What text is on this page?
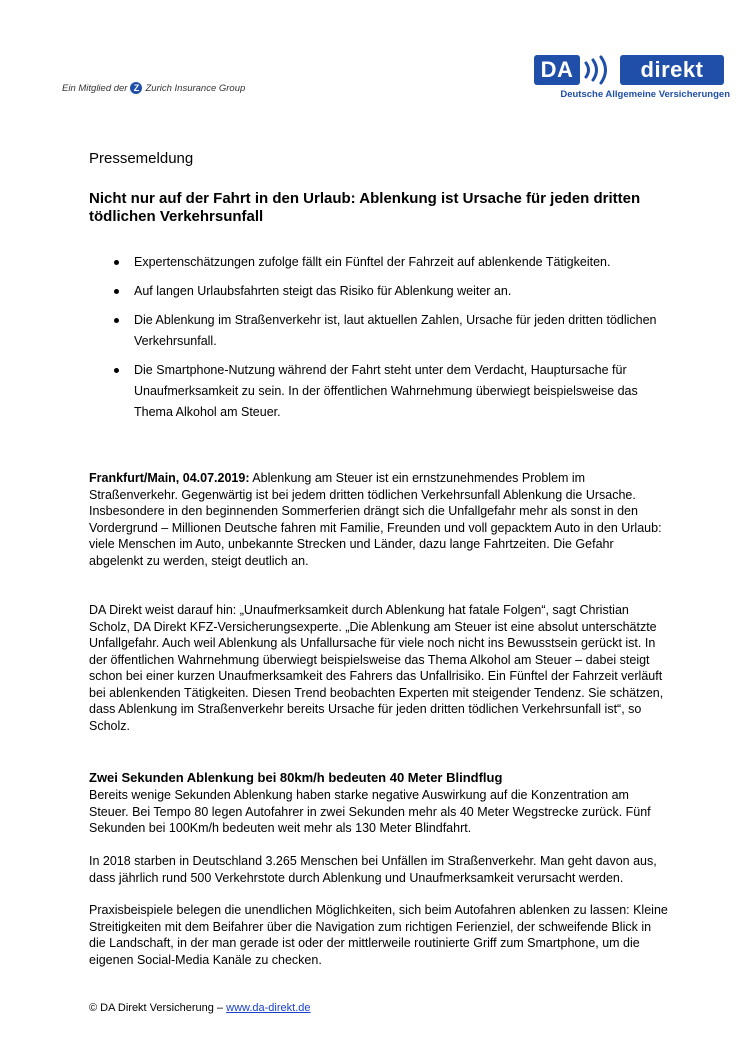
Ein Mitglied der Z Zurich Insurance Group
DA	direkt
Deutsche Allgemeine Versicherungen
Pressemeldung
Nicht nur auf der Fahrt in den Urlaub: Ablenkung ist Ursache für jeden dritten tödlichen Verkehrsunfall
Expertenschätzungen zufolge fällt ein Fünftel der Fahrzeit auf ablenkende Tätigkeiten.
Auf langen Urlaubsfahrten steigt das Risiko für Ablenkung weiter an.
Die Ablenkung im Straßenverkehr ist, laut aktuellen Zahlen, Ursache für jeden dritten tödlichen Verkehrsunfall.
Die Smartphone-Nutzung während der Fahrt steht unter dem Verdacht, Hauptursache für Unaufmerksamkeit zu sein. In der öffentlichen Wahrnehmung überwiegt beispielsweise das Thema Alkohol am Steuer.

Frankfurt/Main, 04.07.2019: Ablenkung am Steuer ist ein ernstzunehmendes Problem im Straßenverkehr. Gegenwärtig ist bei jedem dritten tödlichen Verkehrsunfall Ablenkung die Ursache. Insbesondere in den beginnenden Sommerferien drängt sich die Unfallgefahr mehr als sonst in den Vordergrund – Millionen Deutsche fahren mit Familie, Freunden und voll gepacktem Auto in den Urlaub: viele Menschen im Auto, unbekannte Strecken und Länder, dazu lange Fahrtzeiten. Die Gefahr abgelenkt zu werden, steigt deutlich an.

DA Direkt weist darauf hin: „Unaufmerksamkeit durch Ablenkung hat fatale Folgen“, sagt Christian Scholz, DA Direkt KFZ-Versicherungsexperte. „Die Ablenkung am Steuer ist eine absolut unterschätzte Unfallgefahr. Auch weil Ablenkung als Unfallursache für viele noch nicht ins Bewusstsein gerückt ist. In der öffentlichen Wahrnehmung überwiegt beispielsweise das Thema Alkohol am Steuer – dabei steigt schon bei einer kurzen Unaufmerksamkeit des Fahrers das Unfallrisiko. Ein Fünftel der Fahrzeit verläuft bei ablenkenden Tätigkeiten. Diesen Trend beobachten Experten mit steigender Tendenz. Sie schätzen, dass Ablenkung im Straßenverkehr bereits Ursache für jeden dritten tödlichen Verkehrsunfall ist“, so Scholz.

Zwei Sekunden Ablenkung bei 80km/h bedeuten 40 Meter Blindflug

Bereits wenige Sekunden Ablenkung haben starke negative Auswirkung auf die Konzentration am Steuer. Bei Tempo 80 legen Autofahrer in zwei Sekunden mehr als 40 Meter Wegstrecke zurück. Fünf Sekunden bei 100Km/h bedeuten weit mehr als 130 Meter Blindfahrt.

In 2018 starben in Deutschland 3.265 Menschen bei Unfällen im Straßenverkehr. Man geht davon aus, dass jährlich rund 500 Verkehrstote durch Ablenkung und Unaufmerksamkeit verursacht werden.

Praxisbeispiele belegen die unendlichen Möglichkeiten, sich beim Autofahren ablenken zu lassen: Kleine Streitigkeiten mit dem Beifahrer über die Navigation zum richtigen Ferienziel, der schweifende Blick in die Landschaft, in der man gerade ist oder der mittlerweile routinierte Griff zum Smartphone, um die eigenen Social-Media Kanäle zu checken.

© DA Direkt Versicherung – www.da-direkt.de
